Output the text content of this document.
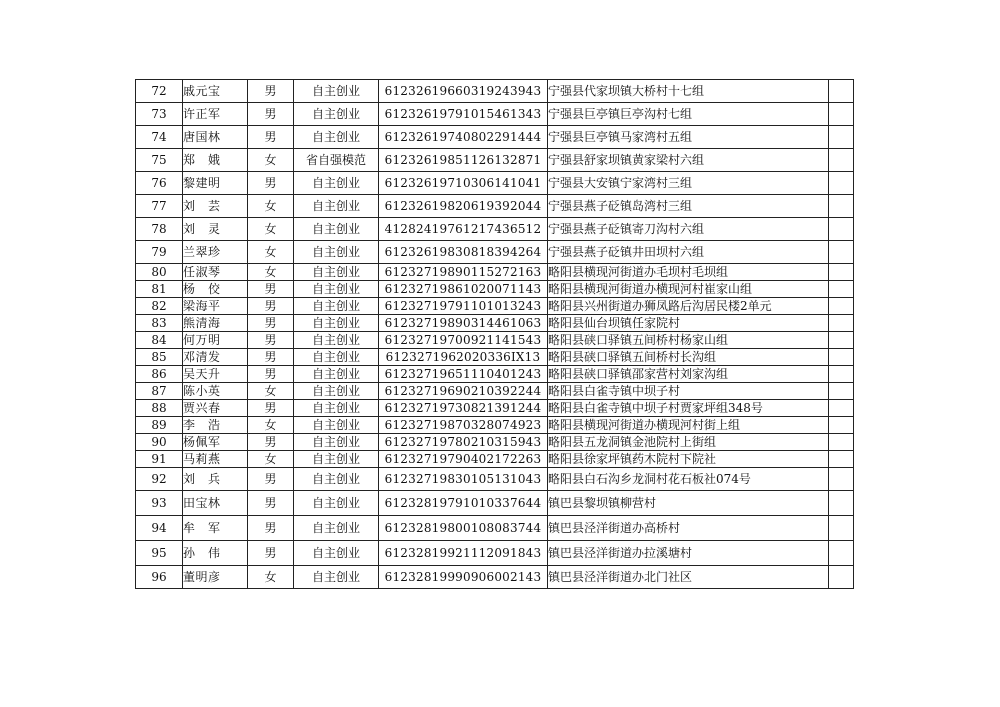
72	戚元宝	男	自主创业	61232619660319243943	宁强县代家坝镇大桥村十七组	
73	许正军	男	自主创业	61232619791015461343	宁强县巨亭镇巨亭沟村七组	
74	唐国林	男	自主创业	61232619740802291444	宁强县巨亭镇马家湾村五组	
75	郑　娥	女	省自强模范	61232619851126132871	宁强县舒家坝镇黄家梁村六组	
76	黎建明	男	自主创业	61232619710306141041	宁强县大安镇宁家湾村三组	
77	刘　芸	女	自主创业	61232619820619392044	宁强县燕子砭镇岛湾村三组	
78	刘　灵	女	自主创业	41282419761217436512	宁强县燕子砭镇寄刀沟村六组	
79	兰翠珍	女	自主创业	61232619830818394264	宁强县燕子砭镇井田坝村六组	
80	任淑琴	女	自主创业	61232719890115272163	略阳县横现河街道办毛坝村毛坝组	
81	杨　佼	男	自主创业	61232719861020071143	略阳县横现河街道办横现河村崔家山组	
82	梁海平	男	自主创业	61232719791101013243	略阳县兴州街道办狮凤路后沟居民楼2单元	
83	熊清海	男	自主创业	61232719890314461063	略阳县仙台坝镇任家院村	
84	何万明	男	自主创业	61232719700921141543	略阳县硖口驿镇五间桥村杨家山组	
85	邓清发	男	自主创业	6123271962020336IX13	略阳县硖口驿镇五间桥村长沟组	
86	吴天升	男	自主创业	61232719651110401243	略阳县硖口驿镇邵家营村刘家沟组	
87	陈小英	女	自主创业	61232719690210392244	略阳县白雀寺镇中坝子村	
88	贾兴春	男	自主创业	61232719730821391244	略阳县白雀寺镇中坝子村贾家坪组348号	
89	李　浩	女	自主创业	61232719870328074923	略阳县横现河街道办横现河村街上组	
90	杨佩军	男	自主创业	61232719780210315943	略阳县五龙洞镇金池院村上街组	
91	马莉燕	女	自主创业	61232719790402172263	略阳县徐家坪镇药木院村下院社	
92	刘　兵	男	自主创业	61232719830105131043	略阳县白石沟乡龙洞村花石板社074号	
93	田宝林	男	自主创业	61232819791010337644	镇巴县黎坝镇柳营村	
94	牟　军	男	自主创业	61232819800108083744	镇巴县泾洋街道办高桥村	
95	孙　伟	男	自主创业	61232819921112091843	镇巴县泾洋街道办拉溪塘村	
96	董明彦	女	自主创业	61232819990906002143	镇巴县泾洋街道办北门社区	
